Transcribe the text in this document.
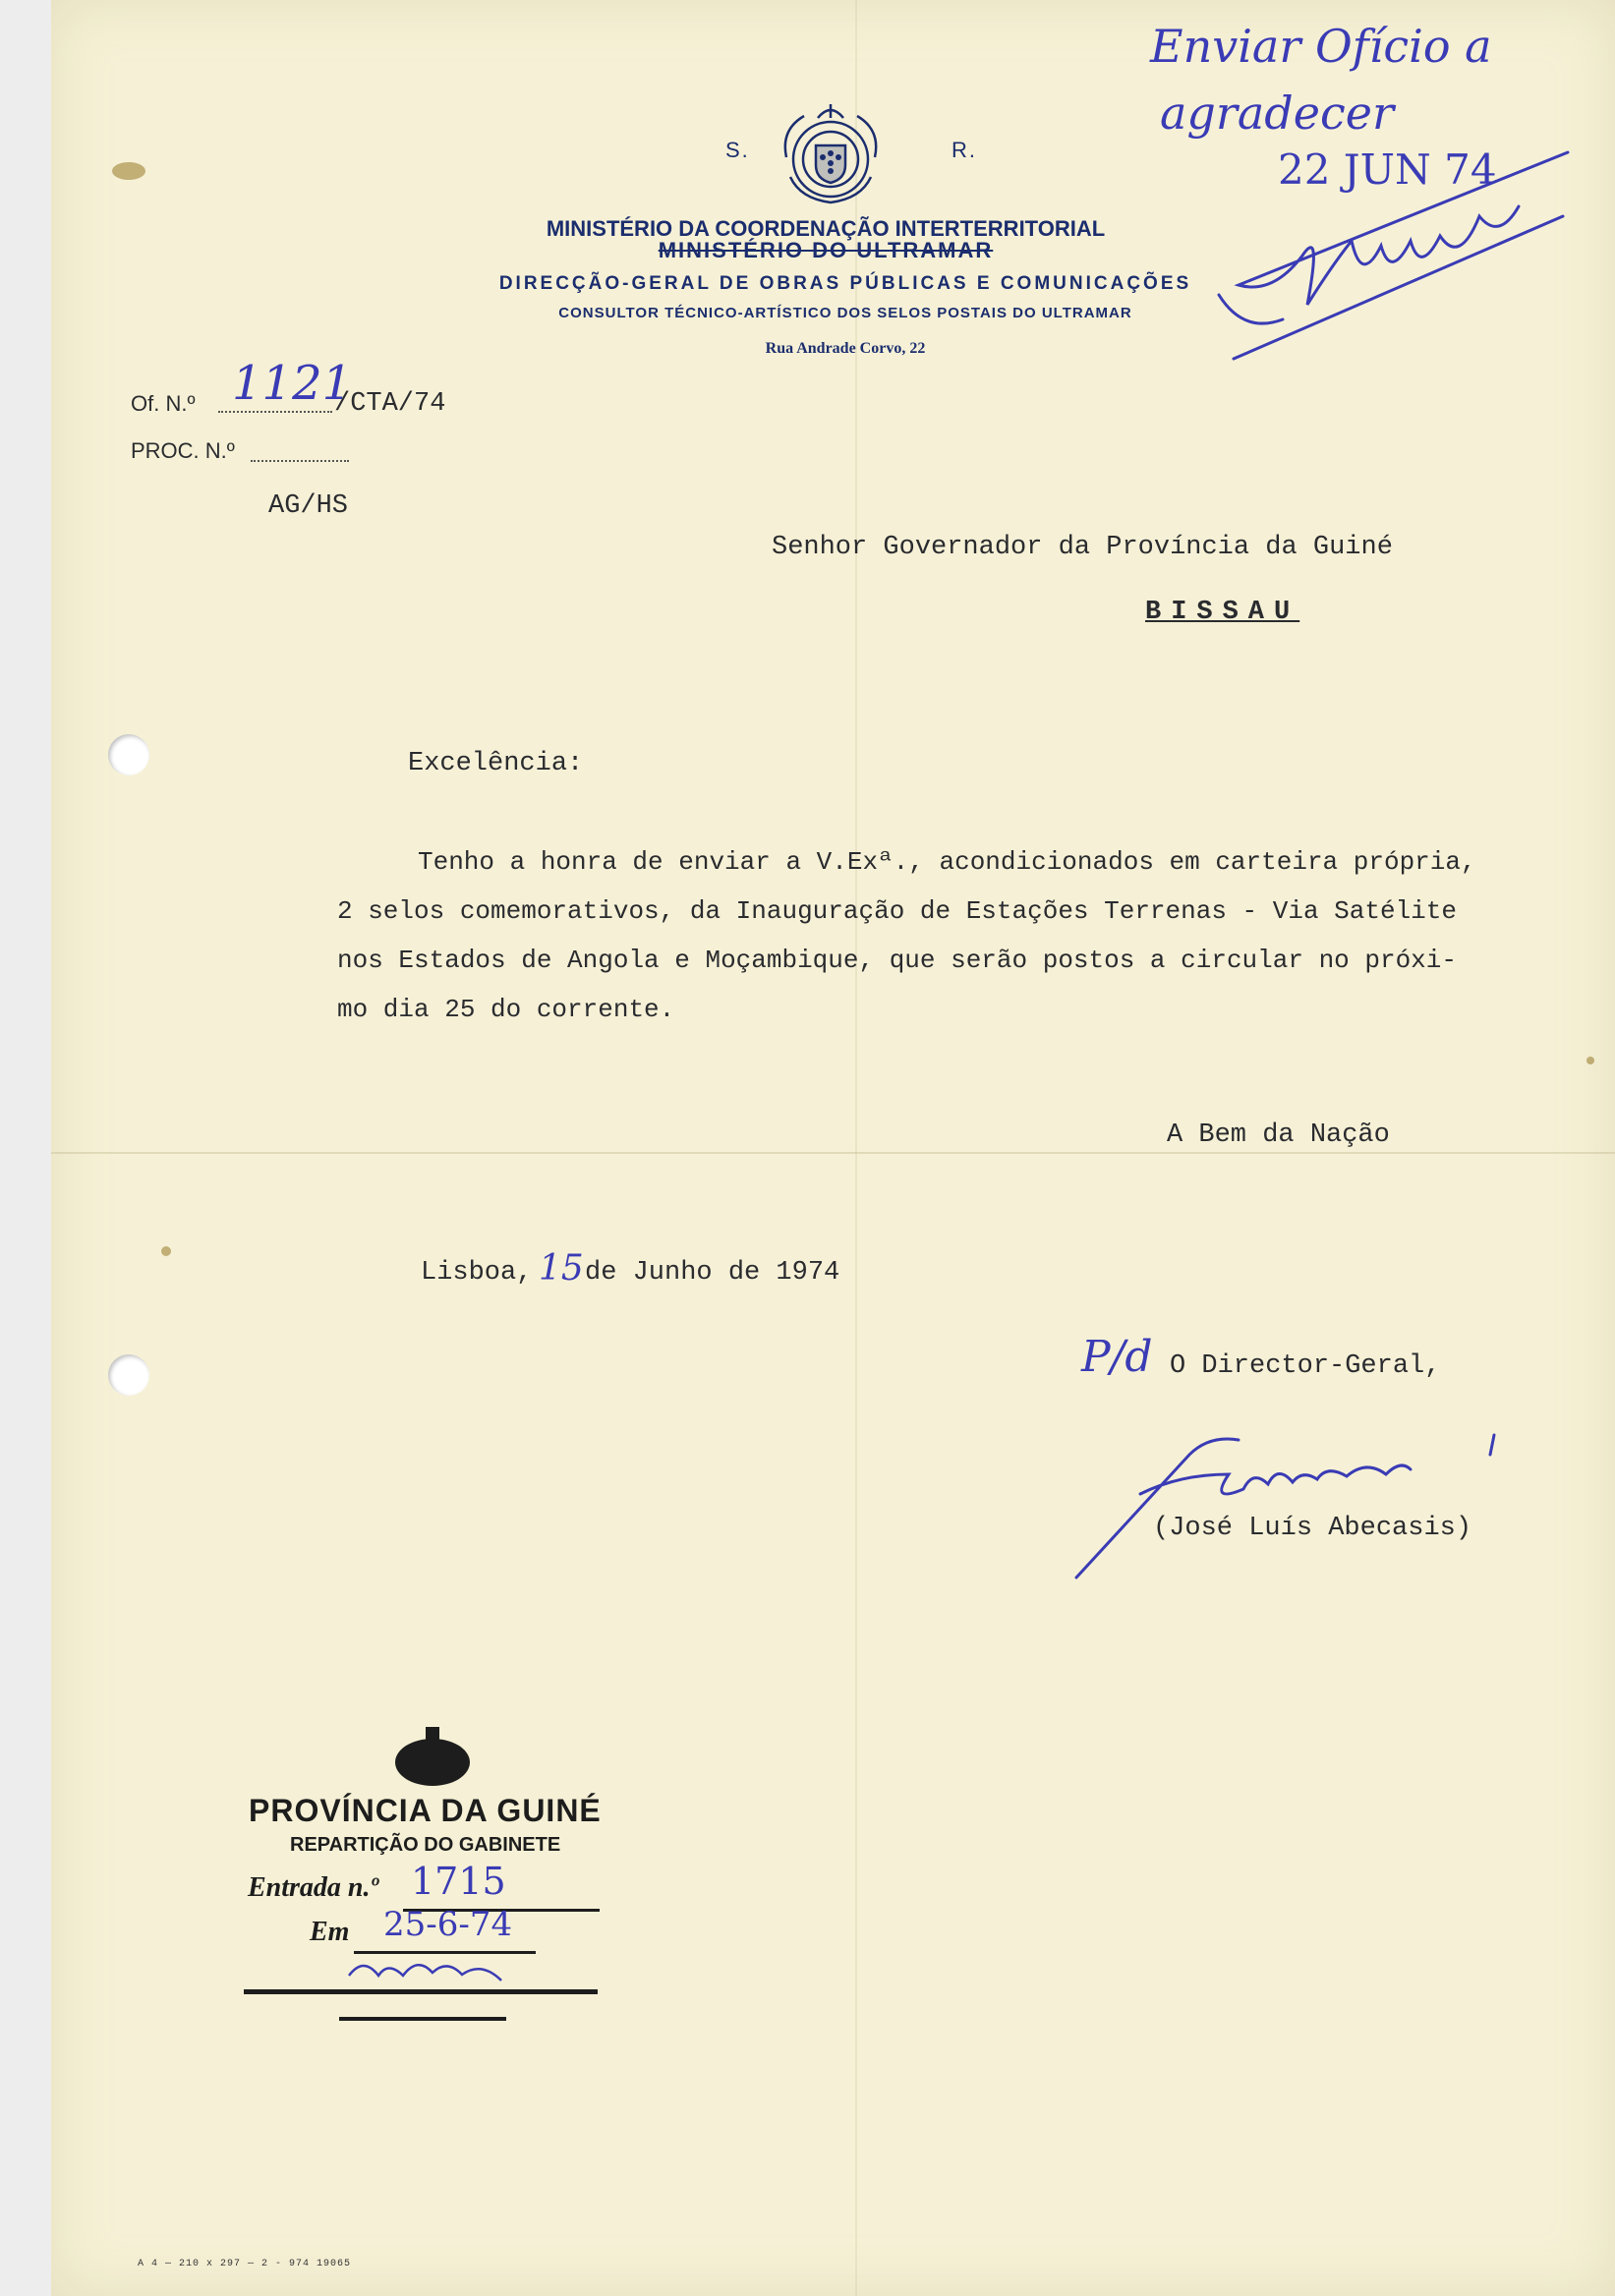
S.	R.
MINISTÉRIO DA COORDENAÇÃO INTERTERRITORIAL
MINISTÉRIO DO ULTRAMAR
DIRECÇÃO-GERAL DE OBRAS PÚBLICAS E COMUNICAÇÕES
CONSULTOR TÉCNICO-ARTÍSTICO DOS SELOS POSTAIS DO ULTRAMAR
Rua Andrade Corvo, 22
Enviar Ofício a
agradecer
22 JUN 74
Of. N.º 1121
/CTA/74
PROC. N.º
AG/HS
Senhor Governador da Província da Guiné
BISSAU
Excelência:
Tenho a honra de enviar a V.Exª., acondicionados em carteira própria,
2 selos comemorativos, da Inauguração de Estações Terrenas - Via Satélite
nos Estados de Angola e Moçambique, que serão postos a circular no próxi-
mo dia 25 do corrente.
A Bem da Nação
Lisboa, 15 de Junho de 1974
P/d O Director-Geral,
(José Luís Abecasis)
PROVÍNCIA DA GUINÉ
REPARTIÇÃO DO GABINETE
Entrada n.º 1715
Em 25-6-74
A 4 — 210 x 297 — 2 - 974 19065
